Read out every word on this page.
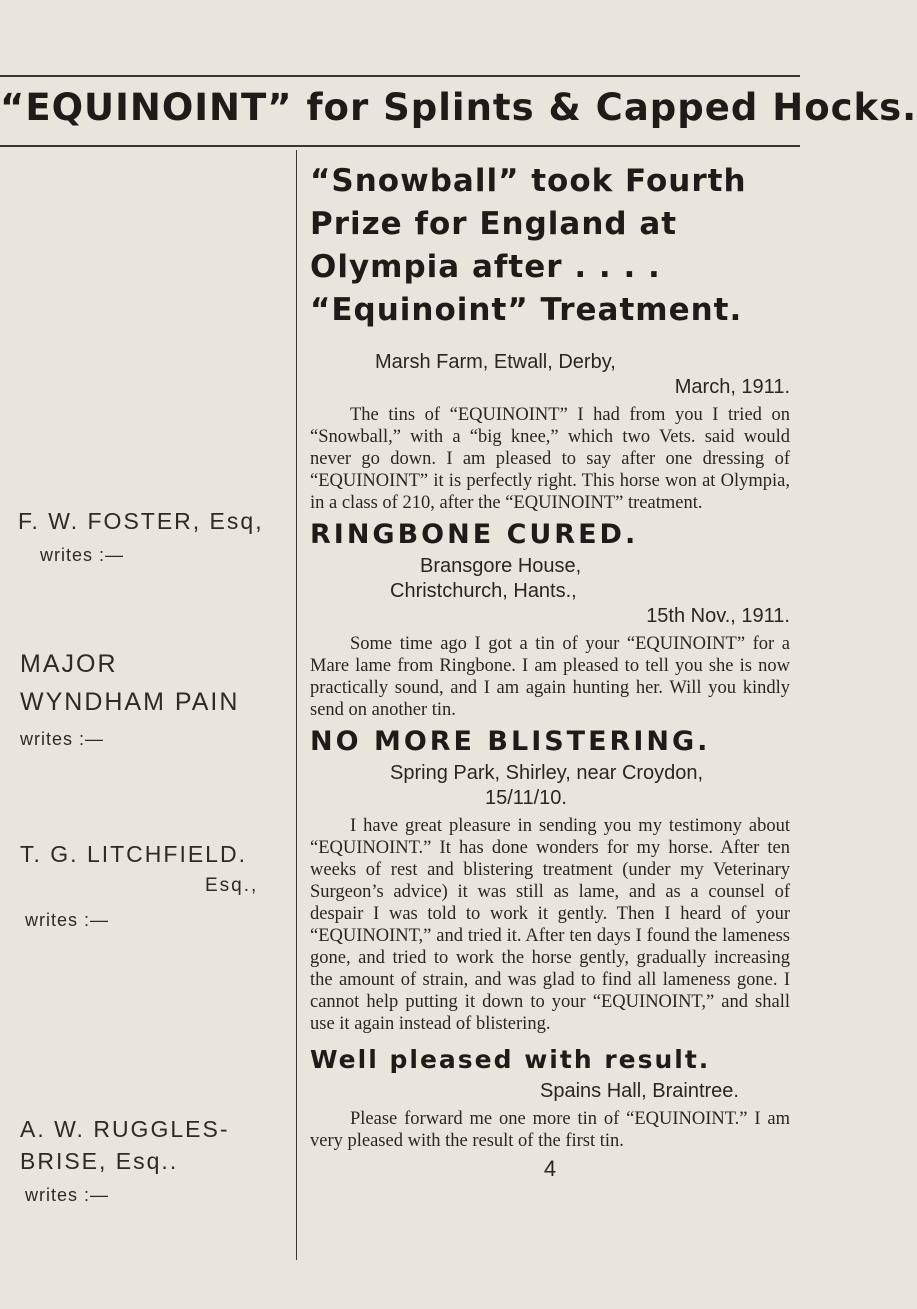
“EQUINOINT” for Splints & Capped Hocks.
F. W. FOSTER, Esq,
writes :—
MAJOR
WYNDHAM PAIN
writes :—
T. G. LITCHFIELD.
Esq.,
writes :—
A. W. RUGGLES-
BRISE, Esq..
writes :—
“Snowball” took Fourth Prize for England at Olympia after . . . . “Equinoint” Treatment.
Marsh Farm, Etwall, Derby,
March, 1911.
The tins of “EQUINOINT” I had from you I tried on “Snowball,” with a “big knee,” which two Vets. said would never go down. I am pleased to say after one dressing of “EQUINOINT” it is perfectly right. This horse won at Olympia, in a class of 210, after the “EQUINOINT” treatment.
RINGBONE CURED.
Bransgore House,
Christchurch, Hants.,
15th Nov., 1911.
Some time ago I got a tin of your “EQUINOINT” for a Mare lame from Ringbone. I am pleased to tell you she is now practically sound, and I am again hunting her. Will you kindly send on another tin.
NO MORE BLISTERING.
Spring Park, Shirley, near Croydon,
15/11/10.
I have great pleasure in sending you my testimony about “EQUINOINT.” It has done wonders for my horse. After ten weeks of rest and blistering treatment (under my Veterinary Surgeon’s advice) it was still as lame, and as a counsel of despair I was told to work it gently. Then I heard of your “EQUINOINT,” and tried it. After ten days I found the lameness gone, and tried to work the horse gently, gradually increasing the amount of strain, and was glad to find all lameness gone. I cannot help putting it down to your “EQUINOINT,” and shall use it again instead of blistering.
Well pleased with result.
Spains Hall, Braintree.
Please forward me one more tin of “EQUINOINT.” I am very pleased with the result of the first tin.
4
